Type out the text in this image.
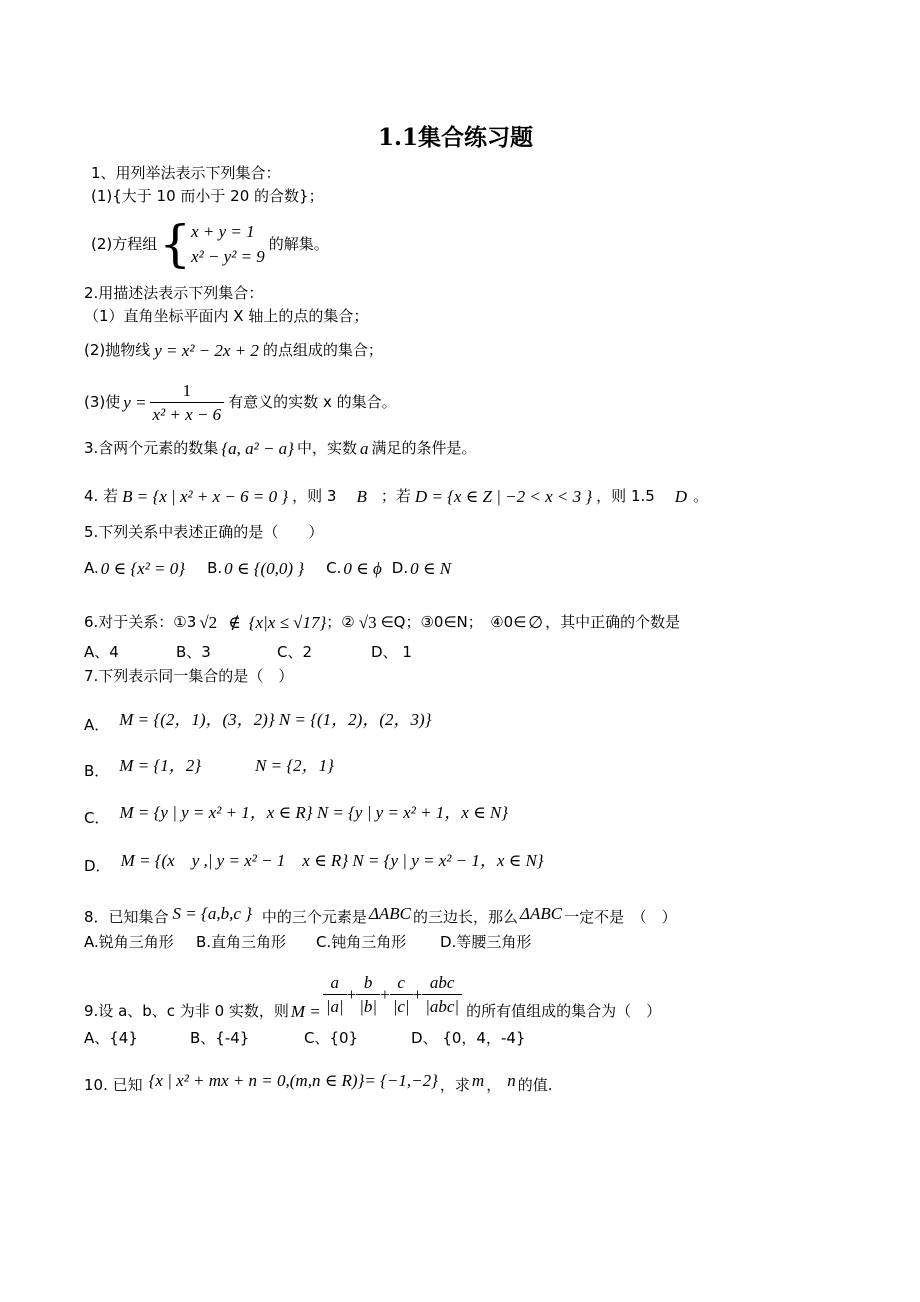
1.1集合练习题
1、用列举法表示下列集合：
(1){大于 10 而小于 20 的合数}；
(2)方程组 { x + y = 1
x² − y² = 9
的解集。
2.用描述法表示下列集合：
（1）直角坐标平面内 X 轴上的点的集合；
(2)抛物线 y = x² − 2x + 2 的点组成的集合；
(3)使 $y = \frac{1}{\text{x² + x − 6}}$ 有意义的实数 x 的集合。
3.含两个元素的数集 {a, a² − a} 中，实数 a 满足的条件是。
4. 若 B = {x | x² + x − 6 = 0 } ，则 3 B ；若 D = {x ∈ Z | −2 < x < 3 } ，则 1.5 D 。
5.下列关系中表述正确的是（　　）
A. 0 ∈ {x² = 0} B. 0 ∈ {(0,0) } C. 0 ∈ ϕ D. 0 ∈ N
6.对于关系：①3 √2 ∉ {x|x ≤ √17} ；② √3 ∈Q；③0∈N；　④0∈ ∅ ，其中正确的个数是
A、4	B、3	C、2	D、 1
7.下列表示同一集合的是（　）
A． M = {(2，1)，(3，2)} N = {(1，2)，(2，3)}
B． M = {1，2}	N = {2，1}
C． M = {y | y = x² + 1，x ∈ R} N = {y | y = x² + 1，x ∈ N}
D． M = {(x　y ,| y = x² − 1　x ∈ R} N = {y | y = x² − 1，x ∈ N}
8．已知集合 S = {a,b,c } 中的三个元素是 ΔABC 的三边长，那么 ΔABC 一定不是　（　）
A.锐角三角形 B.直角三角形 C.钝角三角形 D.等腰三角形
9.设 a、b、c 为非 0 实数，则 $M = \frac{a}{|a|} + \frac{b}{|b|} + \frac{c}{|c|} + \frac{\text{abc}}{\text{|abc|}}$ 的所有值组成的集合为（　）
A、{4}	B、{-4}	C、{0}	D、 {0，4，-4}
10. 已知 {x | x² + mx + n = 0,(m,n ∈ R)}= {−1,−2} ，求 m ， n 的值.
